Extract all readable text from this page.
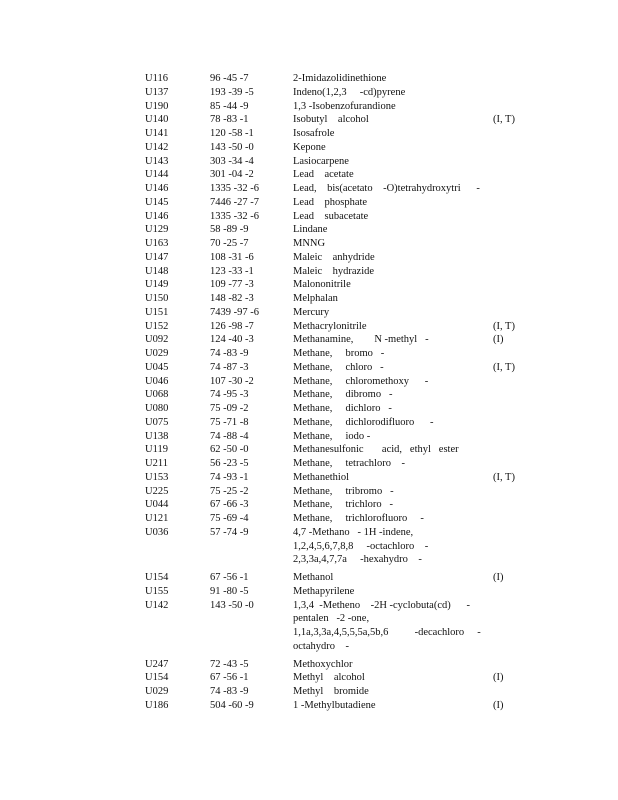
U116	96 -45 -7	2-Imidazolidinethione
U137	193 -39 -5	Indeno(1,2,3     -cd)pyrene
U190	85 -44 -9	1,3 -Isobenzofurandione
U140	78 -83 -1	Isobutyl    alcohol	(I, T)
U141	120 -58 -1	Isosafrole
U142	143 -50 -0	Kepone
U143	303 -34 -4	Lasiocarpene
U144	301 -04 -2	Lead    acetate
U146	1335 -32 -6	Lead,    bis(acetato    -O)tetrahydroxytri      -
U145	7446 -27 -7	Lead    phosphate
U146	1335 -32 -6	Lead    subacetate
U129	58 -89 -9	Lindane
U163	70 -25 -7	MNNG
U147	108 -31 -6	Maleic    anhydride
U148	123 -33 -1	Maleic    hydrazide
U149	109 -77 -3	Malononitrile
U150	148 -82 -3	Melphalan
U151	7439 -97 -6	Mercury
U152	126 -98 -7	Methacrylonitrile	(I, T)
U092	124 -40 -3	Methanamine,        N -methyl   -	(I)
U029	74 -83 -9	Methane,     bromo   -
U045	74 -87 -3	Methane,     chloro   -	(I, T)
U046	107 -30 -2	Methane,     chloromethoxy      -
U068	74 -95 -3	Methane,     dibromo   -
U080	75 -09 -2	Methane,     dichloro   -
U075	75 -71 -8	Methane,     dichlorodifluoro      -
U138	74 -88 -4	Methane,     iodo -
U119	62 -50 -0	Methanesulfonic       acid,   ethyl   ester
U211	56 -23 -5	Methane,     tetrachloro    -
U153	74 -93 -1	Methanethiol	(I, T)
U225	75 -25 -2	Methane,     tribromo   -
U044	67 -66 -3	Methane,     trichloro   -
U121	75 -69 -4	Methane,     trichlorofluoro     -
U036	57 -74 -9	4,7 -Methano   - 1H -indene,
1,2,4,5,6,7,8,8     -octachloro    -
2,3,3a,4,7,7a     -hexahydro    -
U154	67 -56 -1	Methanol	(I)
U155	91 -80 -5	Methapyrilene
U142	143 -50 -0	1,3,4  -Metheno    -2H -cyclobuta(cd)      -
pentalen   -2 -one,
1,1a,3,3a,4,5,5,5a,5b,6          -decachloro     -
octahydro    -
U247	72 -43 -5	Methoxychlor
U154	67 -56 -1	Methyl    alcohol	(I)
U029	74 -83 -9	Methyl    bromide
U186	504 -60 -9	1 -Methylbutadiene	(I)
